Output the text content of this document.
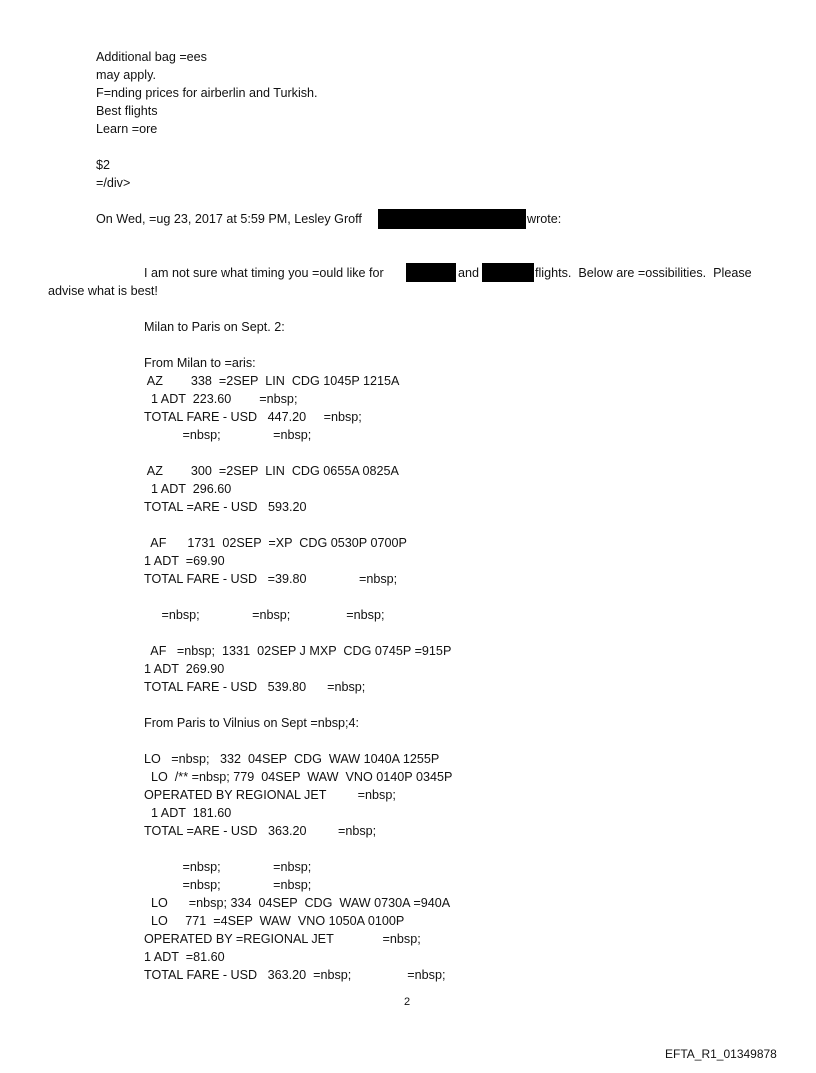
Additional bag =ees
may apply.
F=nding prices for airberlin and Turkish.
Best flights
Learn =ore
$2
=/div>
On Wed, =ug 23, 2017 at 5:59 PM, Lesley Groff	wrote:
I am not sure what timing you =ould like for	and	flights.  Below are =ossibilities.  Please
advise what is best!
Milan to Paris on Sept. 2:
From Milan to =aris:
AZ        338  =2SEP  LIN  CDG 1045P 1215A
1 ADT  223.60        =nbsp;
TOTAL FARE - USD   447.20     =nbsp;
=nbsp;               =nbsp;
AZ        300  =2SEP  LIN  CDG 0655A 0825A
1 ADT  296.60
TOTAL =ARE - USD   593.20
AF      1731  02SEP  =XP  CDG 0530P 0700P
1 ADT  =69.90
TOTAL FARE - USD   =39.80               =nbsp;
=nbsp;               =nbsp;                =nbsp;
AF   =nbsp;  1331  02SEP J MXP  CDG 0745P =915P
1 ADT  269.90
TOTAL FARE - USD   539.80      =nbsp;
From Paris to Vilnius on Sept =nbsp;4:
LO   =nbsp;   332  04SEP  CDG  WAW 1040A 1255P
LO  /** =nbsp; 779  04SEP  WAW  VNO 0140P 0345P
OPERATED BY REGIONAL JET         =nbsp;
1 ADT  181.60
TOTAL =ARE - USD   363.20         =nbsp;
=nbsp;               =nbsp;
=nbsp;               =nbsp;
LO      =nbsp; 334  04SEP  CDG  WAW 0730A =940A
LO     771  =4SEP  WAW  VNO 1050A 0100P
OPERATED BY =REGIONAL JET              =nbsp;
1 ADT  =81.60
TOTAL FARE - USD   363.20  =nbsp;                =nbsp;
2
EFTA_R1_01349878
